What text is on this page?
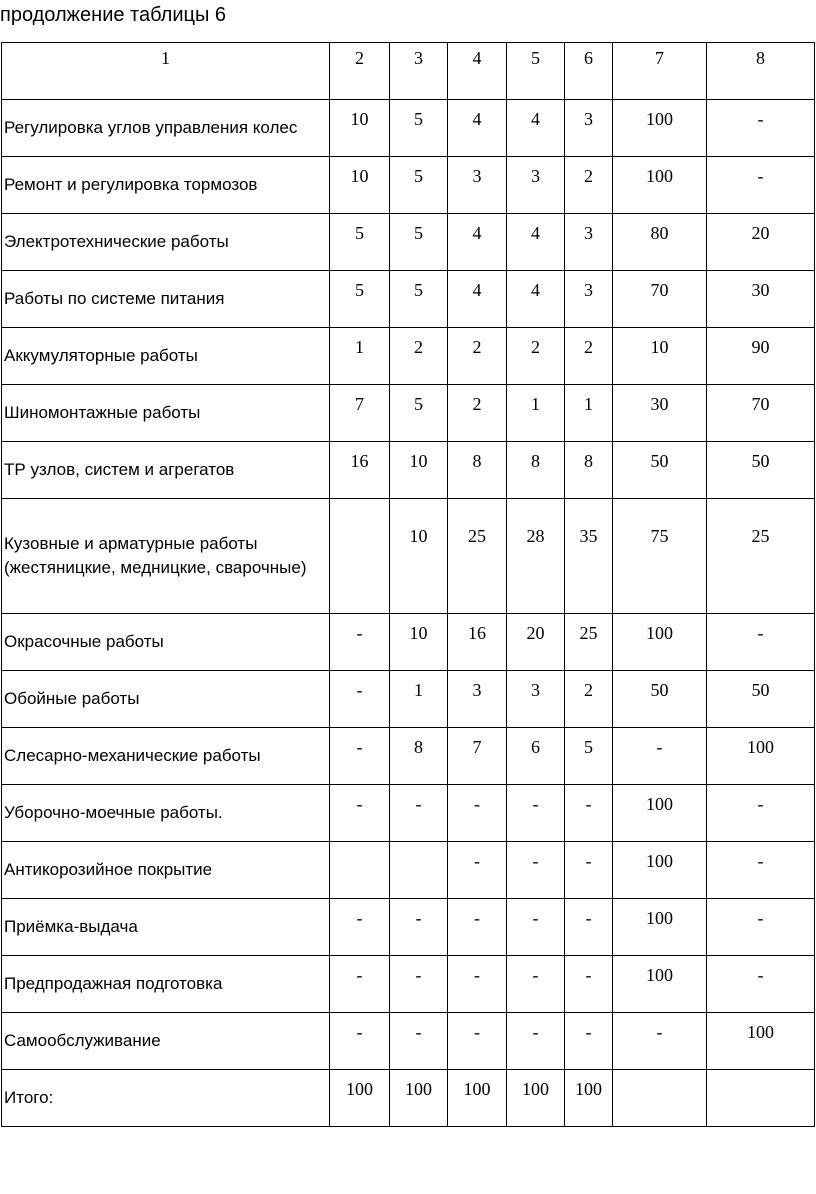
продолжение таблицы 6
1	2	3	4	5	6	7	8
Регулировка углов управления колес	10	5	4	4	3	100	-
Ремонт и регулировка тормозов	10	5	3	3	2	100	-
Электротехнические работы	5	5	4	4	3	80	20
Работы по системе питания	5	5	4	4	3	70	30
Аккумуляторные работы	1	2	2	2	2	10	90
Шиномонтажные работы	7	5	2	1	1	30	70
ТР узлов, систем и агрегатов	16	10	8	8	8	50	50
Кузовные и арматурные работы (жестяницкие, медницкие, сварочные)		10	25	28	35	75	25
Окрасочные работы	-	10	16	20	25	100	-
Обойные работы	-	1	3	3	2	50	50
Слесарно-механические работы	-	8	7	6	5	-	100
Уборочно-моечные работы.	-	-	-	-	-	100	-
Антикорозийное покрытие			-	-	-	100	-
Приёмка-выдача	-	-	-	-	-	100	-
Предпродажная подготовка	-	-	-	-	-	100	-
Самообслуживание	-	-	-	-	-	-	100
Итого:	100	100	100	100	100		
